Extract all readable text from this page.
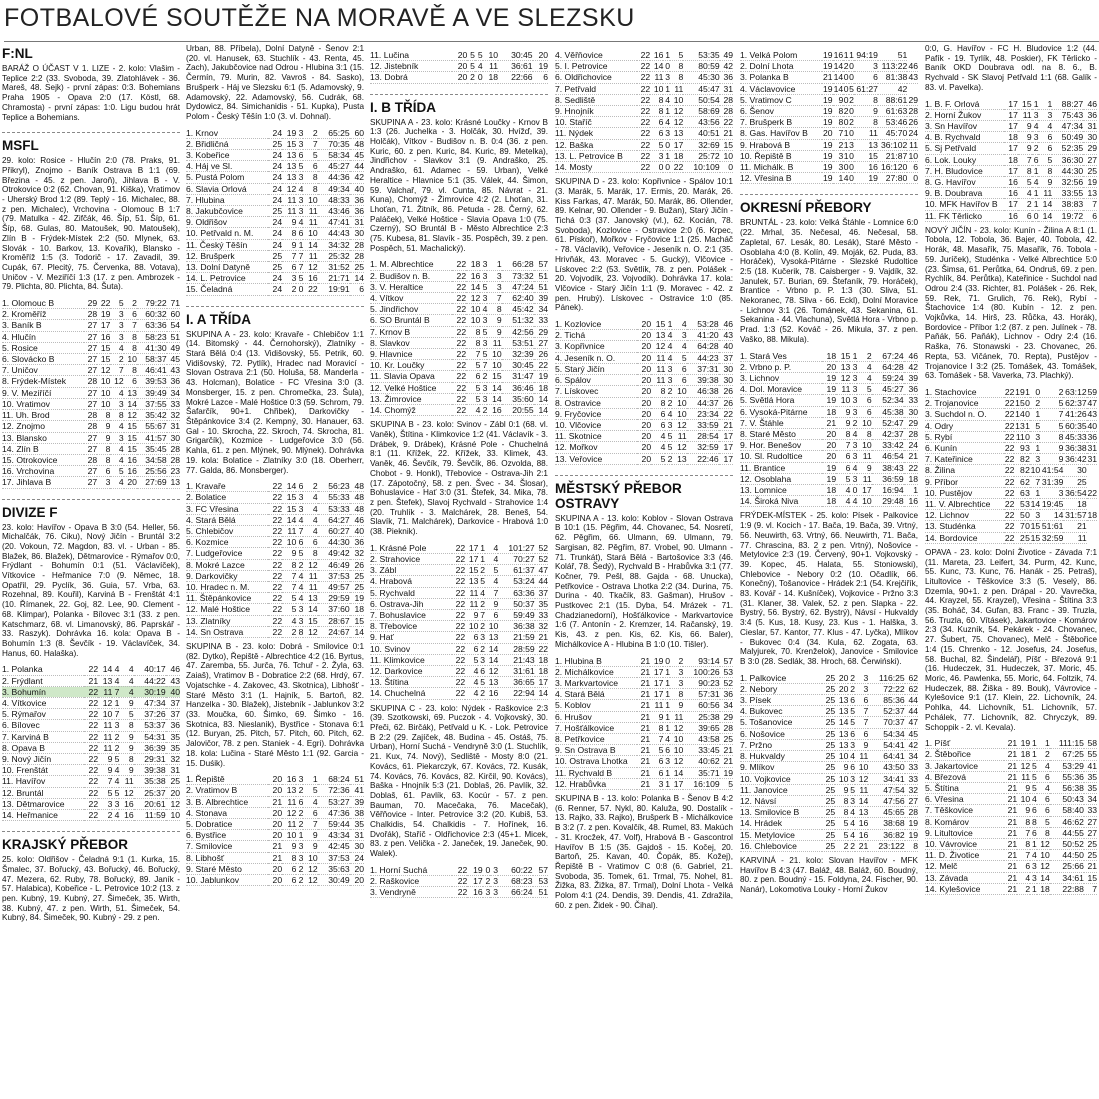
FOTBALOVÉ SOUTĚŽE NA MORAVĚ A VE SLEZSKU
F:NL
BARÁŽ O ÚČAST V 1. LIZE - 2. kolo: Vlašim - Teplice 2:2 (33. Svoboda, 39. Zlatohlávek - 36. Mareš, 48. Sejk) - první zápas: 0:3. Bohemians Praha 1905 - Opava 2:0 (17. Köstl, 68. Chramosta) - první zápas: 1:0. Ligu budou hrát Teplice a Bohemians.
MSFL
29. kolo: Rosice - Hlučín 2:0 (78. Praks, 91. Přikryl), Znojmo - Baník Ostrava B 1:1 (69. Březina - 45. z pen. Jaroň), Jihlava B - V. Otrokovice 0:2 (62. Chovan, 91. Kiška), Vratimov - Uherský Brod 1:2 (89. Teplý - 16. Michalec, 88. z pen. Michalec), Vrchovina - Olomouc B 1:7 (79. Matulka - 42. Zifčák, 46. Šíp, 51. Šíp, 61. Šíp, 68. Gulas, 80. Matoušek, 90. Matoušek), Zlín B - Frýdek-Místek 2:2 (50. Mlynek, 63. Slovák - 10. Barkov, 13. Kovařík), Blansko - Kroměříž 1:5 (3. Todorič - 17. Zavadil, 39. Cupák, 67. Plecitý, 75. Červenka, 88. Votava), Uničov - V. Meziříčí 1:3 (17. z pen. Ambrozek - 79. Plichta, 80. Plichta, 84. Šuta).
1. Olomouc B	29	22	5	2	79:22	71
2. Kroměříž	28	19	3	6	60:32	60
3. Baník B	27	17	3	7	63:36	54
4. Hlučín	27	16	3	8	58:23	51
5. Rosice	27	15	4	8	41:30	49
6. Slovácko B	27	15	2	10	58:37	45
7. Uničov	27	12	7	8	46:41	43
8. Frýdek-Místek	28	10	12	6	39:53	36
9. V. Meziříčí	27	10	4	13	39:49	34
10. Vratimov	27	10	3	14	37:55	33
11. Uh. Brod	28	8	8	12	35:42	32
12. Znojmo	28	9	4	15	55:67	31
13. Blansko	27	9	3	15	41:57	30
14. Zlín B	27	8	4	15	35:45	28
15. Otrokovice	28	8	4	16	34:58	28
16. Vrchovina	27	6	5	16	25:56	23
17. Jihlava B	27	3	4	20	27:69	13
DIVIZE F
23. kolo: Havířov - Opava B 3:0 (54. Heller, 56. Michalčák, 76. Ciku), Nový Jičín - Bruntál 3:2 (20. Vokoun, 72. Magdon, 83. vl. - Urban - 85. Blažek, 86. Blažek), Dětmarovice - Rýmařov 0:0, Frýdlant - Bohumín 0:1 (51. Václavíček), Vítkovice - Heřmanice 7:0 (9. Němec, 18. Opatřil, 29. Pyclík, 36. Guia, 57. Vrba, 63. Rozehnal, 89. Kouřil), Karviná B - Frenštát 4:1 (10. Římanek, 22. Goj, 82. Lee, 90. Clement - 68. Klimpar), Polanka - Bílovec 3:1 (33. z pen. Katschmarz, 68. vl. Limanovský, 86. Paprskář - 33. Raszyk). Dohrávka 16. kola: Opava B - Bohumín 1:3 (8. Ševčík - 19. Václavíček, 34. Hanus, 60. Halaška).
1. Polanka	22	14	4	4	40:17	46
2. Frýdlant	21	13	4	4	44:22	43
3. Bohumín	22	11	7	4	30:19	40
4. Vítkovice	22	12	1	9	47:34	37
5. Rýmařov	22	10	7	5	37:26	37
6. Bílovec	22	11	3	8	53:37	36
7. Karviná B	22	11	2	9	54:31	35
8. Opava B	22	11	2	9	36:39	35
9. Nový Jičín	22	9	5	8	29:31	32
10. Frenštát	22	9	4	9	39:38	31
11. Havířov	22	7	4	11	35:38	25
12. Bruntál	22	5	5	12	25:37	20
13. Dětmarovice	22	3	3	16	20:61	12
14. Heřmanice	22	2	4	16	11:59	10
KRAJSKÝ PŘEBOR
25. kolo: Oldřišov - Čeladná 9:1 (1. Kurka, 15. Šmalec, 37. Bořucký, 43. Bořucký, 46. Bořucký, 47. Mezera, 62. Ruby, 78. Bořucký, 89. Janík - 57. Halabica), Kobeřice - L. Petrovice 10:2 (13. z pen. Kubný, 19. Kubný, 27. Šimeček, 35. Wirth, 38. Kubný, 47. z pen. Wirth, 51. Šimeček, 54. Kubný, 84. Šimeček, 90. Kubný - 29. z pen.
Urban, 88. Příbela), Dolní Datyně - Šenov 2:1 (20. vl. Hanusek, 63. Stuchlík - 43. Renta, 45. Zach), Jakubčovice nad Odrou - Hlubina 3:1 (15. Čermín, 79. Murin, 82. Vavroš - 84. Sasko), Brušperk - Háj ve Slezsku 6:1 (5. Adamovský, 9. Adamovský, 22. Adamovský, 56. Cudrák, 68. Dydowicz, 84. Simichanidis - 51. Kupka), Pusta Polom - Český Těšín 1:0 (3. vl. Dohnal).
1. Krnov	24	19	3	2	65:25	60
2. Břidličná	25	15	3	7	70:35	48
3. Kobeřice	24	13	6	5	58:34	45
4. Háj ve Sl.	24	13	5	6	45:27	44
5. Pustá Polom	24	13	3	8	44:36	42
6. Slavia Orlová	24	12	4	8	49:34	40
7. Hlubina	24	11	3	10	48:33	36
8. Jakubčovice	25	11	3	11	43:46	36
9. Oldřišov	24	9	4	11	47:41	31
10. Petřvald n. M.	24	8	6	10	44:43	30
11. Český Těšín	24	9	1	14	34:32	28
12. Brušperk	25	7	7	11	25:32	28
13. Dolní Datyně	25	6	7	12	31:52	25
14. L. Petrovice	24	3	5	16	21:71	14
15. Čeladná	24	2	0	22	19:91	6
I. A TŘÍDA
SKUPINA A - 23. kolo: Kravaře - Chlebičov 1:1 (14. Bitomský - 44. Černohorský), Zlatníky - Stará Bělá 0:4 (13. Vidišovský, 55. Petrik, 60. Vidišovský, 72. Pytlík), Hradec nad Moravicí - Slovan Ostrava 2:1 (50. Holuša, 58. Manderla - 43. Holcman), Bolatice - FC Vřesina 3:0 (3. Monsberger, 15. z pen. Chromečka, 23. Šula), Mokré Lazce - Malé Hoštice 0:3 (59. Schrom, 79. Šafarčík, 90+1. Chřibek), Darkovičky - Štěpánkovice 3:4 (2. Kempný, 30. Hanauer, 63. Gal - 10. Skrocha, 22. Skroch, 74. Skrocha, 81. Grigarčík), Kozmice - Ludgeřovice 3:0 (56. Kahla, 61. z pen. Mlýnek, 90. Mlýnek). Dohrávka 19. kola: Bolatice - Zlatníky 3:0 (18. Oberherr, 77. Galda, 86. Monsberger).
1. Kravaře	22	14	6	2	56:23	48
2. Bolatice	22	15	3	4	55:33	48
3. FC Vřesina	22	15	3	4	53:33	48
4. Stará Bělá	22	14	4	4	64:27	46
5. Chlebičov	22	11	7	4	60:27	40
6. Kozmice	22	10	6	6	44:30	36
7. Ludgeřovice	22	9	5	8	49:42	32
8. Mokré Lazce	22	8	2	12	46:49	26
9. Darkovičky	22	7	4	11	37:53	25
10. Hradec n. M.	22	7	4	11	49:57	25
11. Štěpánkovice	22	5	4	13	29:59	19
12. Malé Hoštice	22	5	3	14	37:60	18
13. Zlatníky	22	4	3	15	28:67	15
14. Sn Ostrava	22	2	8	12	24:67	14
SKUPINA B - 23. kolo: Dobrá - Smilovice 0:1 (82. Dytko), Řepiště - Albrechtice 4:2 (16. Byrtus, 47. Zaremba, 55. Jurča, 76. Tchuř - 2. Žyla, 63. Zaiaš), Vratimov B - Dobratice 2:2 (68. Hrdý, 67. Vojatschke - 4. Zakovec, 43. Skotnica), Libhošť - Staré Město 3:1 (1. Hajník, 5. Bartoň, 82. Hanzelka - 30. Blažek), Jistebník - Jablunkov 3:2 (33. Moučka, 60. Šimko, 69. Šimko - 16. Skotnica, 83. Nieslanik), Bystřice - Stonava 6:1 (12. Buryan, 25. Pitch, 57. Pitch, 60. Pitch, 62. Jalovičor, 78. z pen. Staniek - 4. Egri). Dohrávka 18. kola: Lučina - Staré Město 1:1 (92. Garcia - 15. Duśik).
1. Řepiště	20	16	3	1	68:24	51
2. Vratimov B	20	13	2	5	72:36	41
3. B. Albrechtice	21	11	6	4	53:27	39
4. Stonava	20	12	2	6	47:36	38
5. Dobratice	20	11	2	7	59:44	35
6. Bystřice	20	10	1	9	43:34	31
7. Smilovice	21	9	3	9	42:45	30
8. Libhošť	21	8	3	10	37:53	24
9. Staré Město	20	6	2	12	35:63	20
10. Jablunkov	20	6	2	12	30:49	20
11. Lučina	20	5	5	10	30:45	20
12. Jistebník	20	5	4	11	36:61	19
13. Dobrá	20	2	0	18	22:66	6
I. B TŘÍDA
SKUPINA A - 23. kolo: Krásné Loučky - Krnov B 1:3 (26. Juchelka - 3. Holčák, 30. Hvížď, 39. Holčák), Vítkov - Budišov n. B. 0:4 (36. z pen. Kuric, 60. z pen. Kuric, 84. Kuric, 89. Metelka), Jindřichov - Slavkov 3:1 (9. Andraško, 25. Andraško, 61. Adamec - 59. Urban), Velké Heraltice - Hlavnice 5:1 (35. Válek, 44. Šimon, 59. Valchař, 79. vl. Cunta, 85. Návrat - 21. Kuna), Chomýž - Žimrovice 4:2 (2. Lhoťan, 31. Lhoťan, 71. Žitník, 86. Petuda - 28. Černý, 62. Paláček), Velké Hoštice - Slavia Opava 1:0 (75. Czerný), SO Bruntál B - Město Albrechtice 2:3 (75. Kubesa, 81. Slavík - 35. Pospěch, 39. z pen. Pospěch, 51. Machalický).
1. M. Albrechtice	22	18	3	1	66:28	57
2. Budišov n. B.	22	16	3	3	73:32	51
3. V. Heraltice	22	14	5	3	47:24	51
4. Vítkov	22	12	3	7	62:40	39
5. Jindřichov	22	10	4	8	45:42	34
6. SO Bruntál B	22	10	3	9	51:32	33
7. Krnov B	22	8	5	9	42:56	29
8. Slavkov	22	8	3	11	53:51	27
9. Hlavnice	22	7	5	10	32:39	26
10. Kr. Loučky	22	5	7	10	30:45	22
11. Slavia Opava	22	6	2	15	31:47	19
12. Velké Hoštice	22	5	3	14	36:46	18
13. Žimrovice	22	5	3	14	35:60	14
14. Chomýž	22	4	2	16	20:55	14
SKUPINA B - 23. kolo: Svinov - Zábl 0:1 (68. vl. Vaněk), Štítina - Klimkovice 1:2 (41. Václavík - 3. Drábek, 9. Drábek), Krásné Pole - Chuchelná 8:1 (11. Křížek, 22. Křížek, 33. Klimek, 43. Vaněk, 46. Ševčík, 79. Ševčík, 86. Ozvolda, 88. Chobot - 9. Honkl), Třebovice - Ostrava-Jih 2:1 (17. Zápotočný, 58. z pen. Švec - 34. Šlosar), Bohuslavice - Hať 3:0 (31. Štefek, 34. Mika, 78. z pen. Štefek), Slavoj Rychvald - Strahovice 1:4 (20. Truhlík - 3. Malchárek, 28. Beneš, 54. Slavík, 71. Malchárek), Darkovice - Hrabová 1:0 (38. Pieknik).
1. Krásné Pole	22	17	1	4	101:27	52
2. Strahovice	22	17	1	4	70:27	52
3. Zábl	22	15	2	5	61:37	47
4. Hrabová	22	13	5	4	53:24	44
5. Rychvald	22	11	4	7	63:36	37
6. Ostrava-Jih	22	11	2	9	50:37	35
7. Bohuslavice	22	9	7	6	59:49	33
8. Třebovice	22	10	2	10	36:38	32
9. Hať	22	6	3	13	21:59	21
10. Svinov	22	6	2	14	28:59	22
11. Klimkovice	22	5	3	14	21:43	18
12. Darkovice	22	4	6	12	31:61	18
13. Štítina	22	4	5	13	36:65	17
14. Chuchelná	22	4	2	16	22:94	14
SKUPINA C - 23. kolo: Nýdek - Raškovice 2:3 (39. Szotkowski, 69. Puczok - 4. Vojkovský, 30. Přeči, 62. Birčák), Petřvald u K. - Lok. Petrovice B 2:2 (29. Zajíček, 48. Budina - 45. Ostáš, 75. Urban), Horní Suchá - Vendryně 3:0 (1. Stuchlík, 21. Kux, 74. Nový), Sedliště - Mosty 8:0 (21. Kovács, 61. Piekarczyk, 67. Kovács, 72. Kusák, 74. Kovács, 76. Kovács, 82. Kirčil, 90. Kovács), Baška - Hnojník 5:3 (21. Doblaš, 26. Pavlík, 32. Doblaš, 61. Pavlík, 63. Kocúr - 57. z pen. Bauman, 70. Macečaka, 76. Macečak), Věřňovice - Inter. Petrovice 3:2 (20. Kubiš, 53. Chalkidis, 54. Chalkidis - 7. Hořínek, 16. Dvořák), Staříč - Oldřichovice 2:3 (45+1. Micek, 83. z pen. Velička - 2. Janeček, 19. Janeček, 90. Walek).
1. Horní Suchá	22	19	0	3	60:22	57
2. Raškovice	22	17	2	3	68:23	53
3. Vendryně	22	16	3	3	66:24	51
4. Věřňovice	22	16	1	5	53:35	49
5. I. Petrovice	22	14	0	8	80:59	42
6. Oldřichovice	22	11	3	8	45:30	36
7. Petřvald	22	10	1	11	45:47	31
8. Sedliště	22	8	4	10	50:54	28
9. Hnojník	22	8	1	12	58:69	28
10. Staříč	22	6	4	12	43:56	22
11. Nýdek	22	6	3	13	40:51	21
12. Baška	22	5	0	17	32:69	15
13. L. Petrovice B	22	3	1	18	25:72	10
14. Mosty	22	0	0	22	10:109	0
SKUPINA D - 23. kolo: Kopřivnice - Spálov 10:1 (3. Marák, 5. Marák, 17. Ermis, 20. Marák, 26. Kiss Farkas, 47. Marák, 50. Marák, 86. Ollender, 89. Kelnar, 90. Ollender - 9. Bužan), Starý Jičín - Tichá 0:3 (37. Janovský (vl.), 62. Kocián, 78. Svoboda), Kozlovice - Ostravice 2:0 (6. Krpec, 61. Pískoř), Mořkov - Fryčovice 1:1 (25. Macháč - 78. Václavík), Veřovice - Jeseník n. O. 2:1 (35. Hrivňák, 43. Moravec - 5. Gucký), Vlčovice - Lískovec 2:2 (53. Světlík, 78. z pen. Polášek - 20. Vojvodík, 23. Vojvodík). Dohrávka 17. kola: Vlčovice - Starý Jičín 1:1 (9. Moravec - 42. z pen. Hrubý). Lískovec - Ostravice 1:0 (85. Pánek).
1. Kozlovice	20	15	1	4	53:28	46
2. Tichá	20	13	4	3	41:20	43
3. Kopřivnice	20	12	4	4	64:28	40
4. Jeseník n. O.	20	11	4	5	44:23	37
5. Starý Jičín	20	11	3	6	37:31	30
6. Spálov	20	11	3	6	39:38	30
7. Lískovec	20	8	2	10	46:38	26
8. Ostravice	20	8	2	10	44:37	26
9. Fryčovice	20	6	4	10	23:34	22
10. Vlčovice	20	6	3	12	33:59	21
11. Skotnice	20	4	5	11	28:54	17
12. Mořkov	20	4	5	12	32:59	17
13. Veřovice	20	5	2	13	22:46	17
MĚSTSKÝ PŘEBOR OSTRAVY
SKUPINA A - 13. kolo: Koblov - Slovan Ostrava B 10:1 (15. Pěgřim, 44. Chovanec, 54. Nosretí, 62. Pěgřim, 66. Ulmann, 69. Ulmann, 79. Sargisan, 82. Pěgřim, 87. Vrobel, 90. Ulmann - 71. Trunkát), Stará Bělá - Bartošovice 3:3 (46. Kolář, 78. Šedý), Rychvald B - Hrabůvka 3:1 (77. Kočner, 79. Pešl, 88. Gajda - 68. Unucka), Petřkovice - Ostrava Lhotka 2:2 (34. Durina, 75. Durina - 40. Tkačík, 83. Gašman), Hrušov - Pustkovec 2:1 (15. Dyba, 54. Mrázek - 71. Chadzianedorní), Hošťálkovice - Markvartovice 1:6 (7. Antonín - 2. Kremzer, 14. Račanský, 19. Kis, 43. z pen. Kis, 62. Kis, 66. Baler), Michálkovice A - Hlubina B 1:0 (10. Tišler).
1. Hlubina B	21	19	0	2	93:14	57
2. Michálkovice	21	17	1	3	100:26	53
3. Markvartovice	21	17	1	3	90:23	52
4. Stará Bělá	21	17	1	8	57:31	36
5. Koblov	21	11	1	9	60:56	34
6. Hrušov	21	9	1	11	25:38	29
7. Hošťálkovice	21	8	1	12	39:65	28
8. Petřkovice	21	7	4	10	43:58	25
9. Sn Ostrava B	21	5	6	10	33:45	21
10. Ostrava Lhotka	21	6	3	12	40:62	21
11. Rychvald B	21	6	1	14	35:71	19
12. Hrabůvka	21	3	1	17	16:109	5
SKUPINA B - 13. kolo: Polanka B - Šenov B 4:2 (6. Renner, 57. Nykl, 80. Kaluža, 90. Dostalík - 13. Rajko, 33. Rajko), Brušperk B - Michálkovice B 3:2 (7. z pen. Kovalčík, 48. Rumel, 83. Makúch - 31. Krocžek, 47. Volf), Hrabová B - Gascontrol Havířov B 1:5 (35. Gajdoš - 15. Kočej, 20. Bartoň, 25. Kavan, 40. Čopák, 85. Kožej), Řepiště B - Vratimov C 0:8 (6. Gabriel, 21. Svoboda, 35. Tomek, 61. Trmal, 75. Nohel, 81. Žižka, 83. Žižka, 87. Trmal), Dolní Lhota - Velká Polom 4:1 (24. Dendis, 39. Dendis, 41. Zdražila, 60. z pen. Židek - 90. Čihal).
1. Velká Polom	19	16	1	1	94:19	51	
2. Dolní Lhota	19	14	2	0	3	113:22	46
3. Polanka B	21	14	0	0	6	81:38	43
4. Václavovice	19	14	0	5	61:27	42	
5. Vratimov C	19	9	0	2	8	88:61	29
6. Šenov	19	8	2	0	9	61:63	28
7. Brušperk B	19	8	0	2	8	53:46	26
8. Gas. Havířov B	20	7	1	0	11	45:70	24
9. Hrabová B	19	2	1	3	13	36:102	11
10. Řepiště B	19	3	1	0	15	21:87	10
11. Michálk. B	19	3	0	0	16	16:120	6
12. Vřesina B	19	1	4	0	19	27:80	0
OKRESNÍ PŘEBORY
BRUNTÁL - 23. kolo: Velká Štáhle - Lomnice 6:0 (22. Mrhal, 35. Nečesal, 46. Nečesal, 58. Zapletal, 67. Lesák, 80. Lesák), Staré Město - Osoblaha 4:0 (8. Kolín, 49. Moják, 62. Puda, 83. Horáček), Vysoká-Pitárne - Slezské Rudoltice 2:5 (18. Kučerik, 78. Caisberger - 9. Vajdík, 32. Janulek, 57. Burian, 69. Štefaník, 79. Horáček), Brantice - Vrbno p. P. 1:3 (30. Sliva, 51. Nekoranec, 78. Sliva - 66. Eckl), Dolní Moravice - Lichnov 3:1 (26. Tománek, 43. Sekanina, 61. Sekanina - 44. Vlachuna), Světlá Hora - Vrbno p. Prad. 1:3 (52. Kováč - 26. Mikula, 37. z pen. Vaško, 88. Mikula).
1. Stará Ves	18	15	1	2	67:24	46
2. Vrbno p. P.	20	13	3	4	64:28	42
3. Lichnov	19	12	3	4	59:24	39
4. Dol. Moravice	19	11	3	5	45:27	36
5. Světlá Hora	19	10	3	6	52:34	33
6. Vysoká-Pitárne	18	9	3	6	45:38	30
7. V. Štáhle	21	9	2	10	52:47	29
8. Staré Město	20	8	4	8	42:37	28
9. Hor. Benešov	20	7	3	10	33:42	24
10. Sl. Rudoltice	20	6	3	11	46:54	21
11. Brantice	19	6	4	9	38:43	22
12. Osoblaha	19	5	3	11	36:59	18
13. Lomnice	18	4	0	17	16:94	1
14. Široká Niva	18	4	4	10	29:48	16
FRÝDEK-MÍSTEK - 25. kolo: Písek - Palkovice 1:9 (9. vl. Kocich - 17. Bača, 19. Bača, 39. Vrtný, 56. Neuwirth, 63. Vrtný, 66. Neuwirth, 71. Bača, 77. Chrascina, 83. 2 z pen. Vrtný), Nošovice - Metylovice 2:3 (19. Červený, 90+1. Vojkovský - 39. Kopec, 45. Halata, 55. Stoniowski), Chlebovice - Nebory 0:2 (10. Očadlík, 66. Konečný), Tošanovice - Hrádek 2:1 (54. Krejčiřík, 83. Kovář - 14. Kušníček), Vojkovice - Pržno 3:3 (31. Klaner, 38. Valek, 52. z pen. Slapka - 22. Bystrý, 56. Bystrý, 62. Bystrý), Návsí - Hukvaldy 3:4 (5. Kus, 18. Kusy, 23. Kus - 1. Halška, 3. Cieslar, 57. Kantor, 77. Klus - 47. Lyčka), Mlíkov - Bukovec 0:4 (34. Kula, 62. Zogata, 63. Malyjurek, 70. Krenželok), Janovice - Smilovice B 3:0 (28. Sedlák, 38. Hroch, 68. Čerwiński).
1. Palkovice	25	20	2	3	116:25	62
2. Nebory	25	20	2	3	72:22	62
3. Písek	25	13	6	6	85:36	44
4. Bukovec	25	13	5	7	52:37	44
5. Tošanovice	25	14	5	7	70:37	47
6. Nošovice	25	13	6	6	54:34	45
7. Pržno	25	13	3	9	54:41	42
8. Hukvaldy	25	10	4	11	64:41	34
9. Mlíkov	25	9	6	10	43:50	33
10. Vojkovice	25	10	3	12	34:41	33
11. Janovice	25	9	5	11	47:54	32
12. Návsí	25	8	3	14	47:56	27
13. Smilovice B	25	8	4	13	45:65	28
14. Hrádek	25	5	4	16	38:68	19
15. Metylovice	25	5	4	16	36:82	19
16. Chlebovice	25	2	2	21	23:122	8
KARVINÁ - 21. kolo: Slovan Havířov - MFK Havířov B 4:3 (47. Baláž, 48. Baláž, 60. Boudný, 80. z pen. Boudný - 15. Foldyna, 24. Fischer, 90. Nanár), Lokomotiva Louky - Horní Žukov
0:0, G. Havířov - FC H. Bludovice 1:2 (44. Pafík - 19. Tyrlík, 48. Poskier), FK Těrlicko - Baník OKD Doubrava odl. na 8. 6., B. Rychvald - SK Slavoj Petřvald 1:1 (68. Galík - 83. vl. Pavelka).
1. B. F. Orlová	17	15	1	1	88:27	46
2. Horní Žukov	17	11	3	3	75:43	36
3. Sn Havířov	17	9	4	4	47:34	31
4. B. Rychvald	18	9	3	6	50:49	30
5. Sj Petřvald	17	9	2	6	52:35	29
6. Lok. Louky	18	7	6	5	36:30	27
7. H. Bludovice	17	8	1	8	44:30	25
8. G. Havířov	16	5	4	9	32:56	19
9. B. Doubrava	16	4	1	11	33:55	13
10. MFK Havířov B	17	2	1	14	38:83	7
11. FK Těrlicko	16	6	0	14	19:72	6
NOVÝ JIČÍN - 23. kolo: Kunín - Žilina A 8:1 (1. Tobola, 12. Tobola, 36. Bajer, 40. Tobola, 42. Horák, 48. Masařík, 75. Masařík, 76. Tobola - 59. Juríček), Studénka - Velké Albrechtice 5:0 (23. Šimsa, 61. Perůtka, 64. Ondruš, 69. z pen. Rychlík, 84. Perůtka), Kateřinice - Suchdol nad Odrou 2:4 (33. Richter, 81. Polášek - 26. Rek, 59. Rek, 71. Grulich, 76. Rek), Rybí - Štachovice 1:4 (80. Kubín - 12. z pen. Vojkůvka, 14. Hirš, 23. Růčka, 43. Horák), Bordovice - Příbor 1:2 (87. z pen. Julínek - 78. Paňák, 56. Paňák), Lichnov - Odry 2:4 (16. Raška, 76. Stonawski - 23. Chovanec, 26. Repta, 53. Vičánek, 70. Repta), Pustějov - Trojanovice I 3:2 (25. Tomášek, 43. Tomášek, 63. Tomášek - 58. Vaverka, 73. Plachký).
1. Stachovice	22	19	1	0	2	63:12	59
2. Trojanovice	22	15	0	2	5	62:37	47
3. Suchdol n. O.	22	14	0	1	7	41:26	43
4. Odry	22	13	1	5	5	60:35	40
5. Rybí	22	11	0	3	8	45:33	36
6. Kunín	22	9	3	1	9	36:38	31
7. Kateřinice	22	8	2	3	9	36:42	31
8. Žilina	22	8	2	10	41:54	30	
9. Příbor	22	6	2	7	31:39	25	
10. Pustějov	22	6	3	1	3	36:54	22
11. V. Albrechtice	22	5	3	14	19:45	18	
12. Lichnov	22	5	0	3	14	31:57	18
13. Studénka	22	7	0	15	51:61	21	
14. Bordovice	22	2	5	15	32:59	11	
OPAVA - 23. kolo: Dolní Životice - Závada 7:1 (11. Mareta, 23. Leifert, 34. Purm, 42. Kunc, 55. Kunc, 73. Kunc, 76. Hanák - 25. Petraš), Litultovice - Těškovice 3:3 (5. Veselý, 86. Dzemla, 90+1. z pen. Drápal - 20. Vavrečka, 44. Krayzel, 55. Krayzel), Vřesina - Štítina 3:3 (35. Boháč, 34. Gufan, 83. Franc - 39. Truzla, 56. Truzla, 60. Vításek), Jakartovice - Komárov 2:3 (34. Kuzník, 54. Pekárek - 24. Chovanec, 27. Šubert, 75. Chovanec), Melč - Štěbořice 1:4 (15. Chrenko - 12. Josefus, 24. Josefus, 58. Buchal, 82. Šindelář), Píšť - Březová 9:1 (16. Hudeczek, 31. Hudeczek, 37. Moric, 45. Moric, 46. Pawlenka, 55. Moric, 64. Foltzik, 74. Hudeczek, 88. Žiška - 89. Bouk), Vávrovice - Kylešovice 9:1 (17. Klein, 22. Lichovník, 24. Pohlka, 44. Lichovník, 51. Lichovník, 57. Pchálek, 77. Lichovník, 82. Chryczyk, 89. Schoppik - 2. vl. Kevala).
1. Píšť	21	19	1	1	111:15	58
2. Štěbořice	21	18	1	2	67:25	55
3. Jakartovice	21	12	5	4	53:29	41
4. Březová	21	11	5	6	55:36	35
5. Štítina	21	9	5	4	56:38	35
6. Vřesina	21	10	4	6	50:43	34
7. Těškovice	21	9	6	6	58:40	33
8. Komárov	21	8	8	5	46:62	27
9. Litultovice	21	7	6	8	44:55	27
10. Vávrovice	21	8	1	12	50:52	25
11. D. Životice	21	7	4	10	44:50	25
12. Melč	21	6	3	12	25:66	21
13. Závada	21	4	3	14	34:61	15
14. Kylešovice	21	2	1	18	22:88	7
